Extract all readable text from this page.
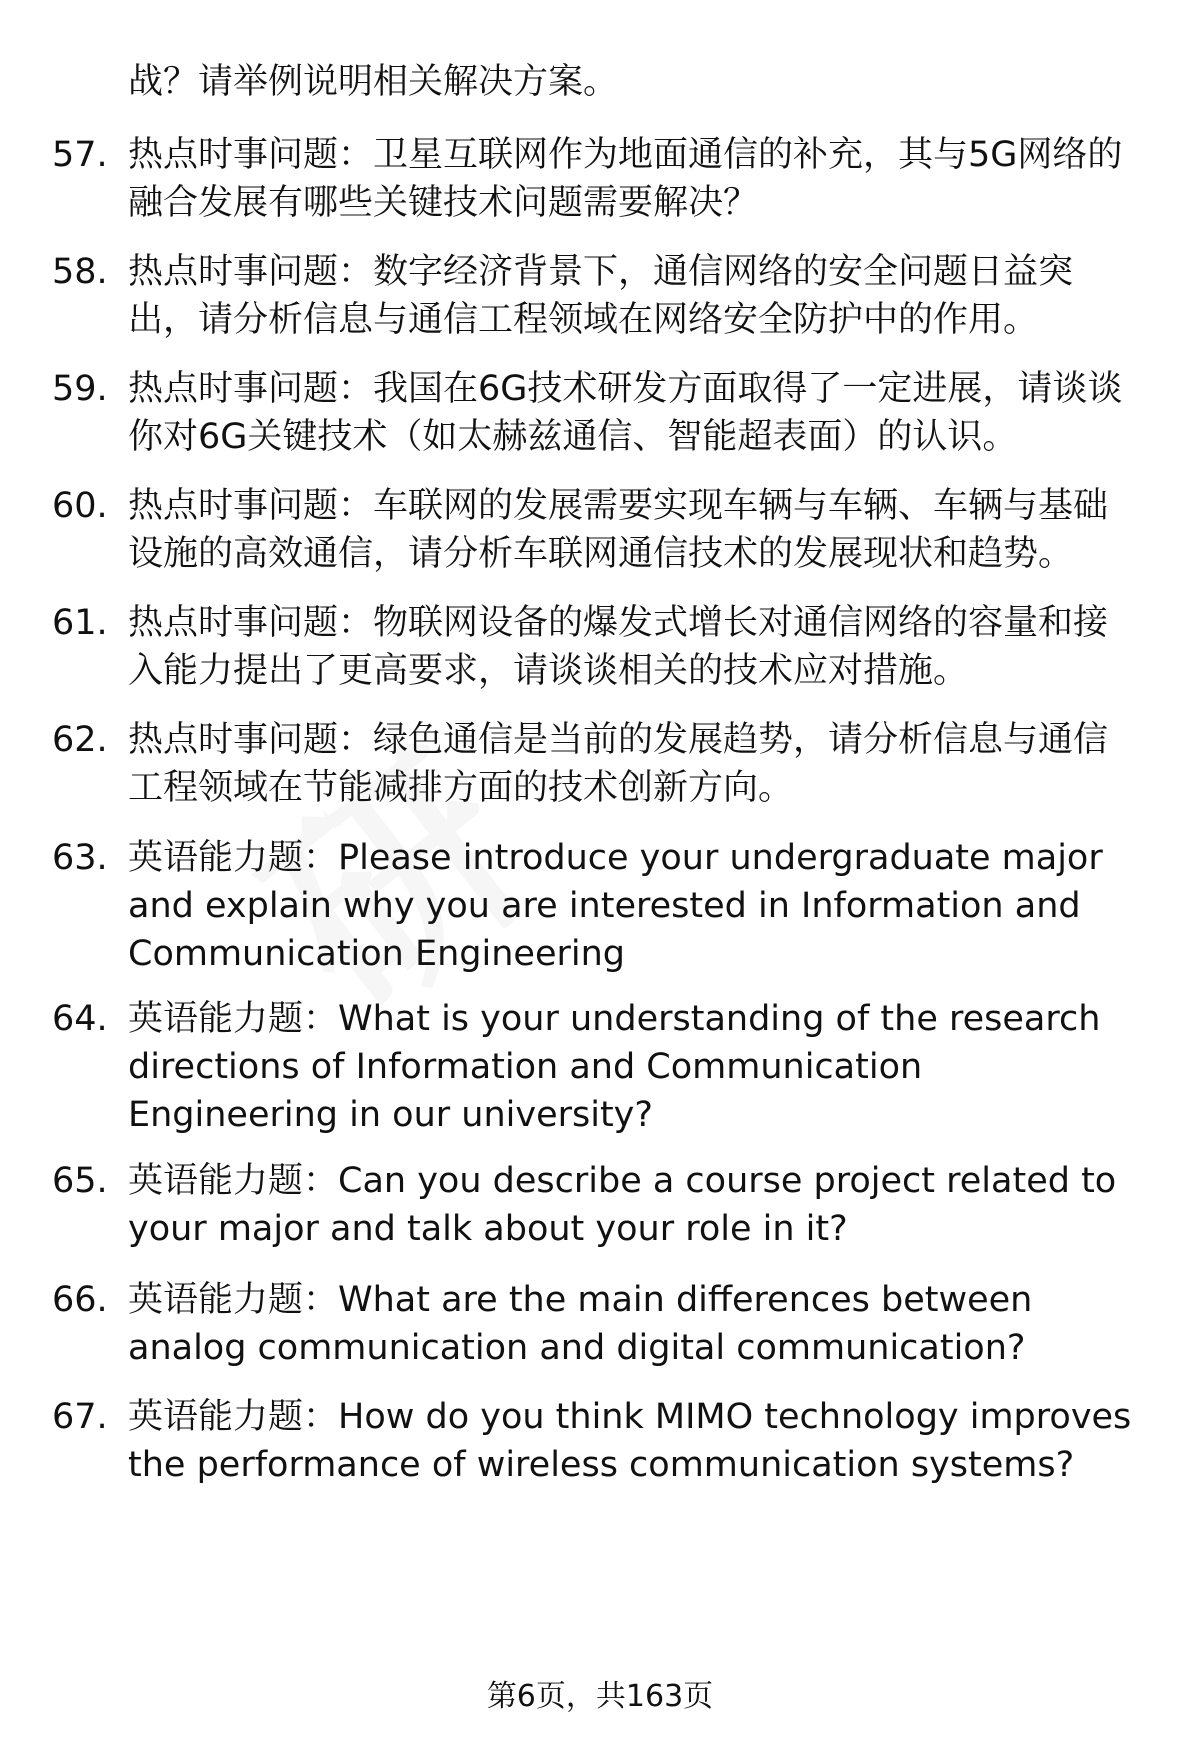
战？请举例说明相关解决方案。
57. 热点时事问题：卫星互联网作为地面通信的补充，其与5G网络的融合发展有哪些关键技术问题需要解决？
58. 热点时事问题：数字经济背景下，通信网络的安全问题日益突出，请分析信息与通信工程领域在网络安全防护中的作用。
59. 热点时事问题：我国在6G技术研发方面取得了一定进展，请谈谈你对6G关键技术（如太赫兹通信、智能超表面）的认识。
60. 热点时事问题：车联网的发展需要实现车辆与车辆、车辆与基础设施的高效通信，请分析车联网通信技术的发展现状和趋势。
61. 热点时事问题：物联网设备的爆发式增长对通信网络的容量和接入能力提出了更高要求，请谈谈相关的技术应对措施。
62. 热点时事问题：绿色通信是当前的发展趋势，请分析信息与通信工程领域在节能减排方面的技术创新方向。
63. 英语能力题：Please introduce your undergraduate major and explain why you are interested in Information and Communication Engineering
64. 英语能力题：What is your understanding of the research directions of Information and Communication Engineering in our university?
65. 英语能力题：Can you describe a course project related to your major and talk about your role in it?
66. 英语能力题：What are the main differences between analog communication and digital communication?
67. 英语能力题：How do you think MIMO technology improves the performance of wireless communication systems?
第6页，共163页
